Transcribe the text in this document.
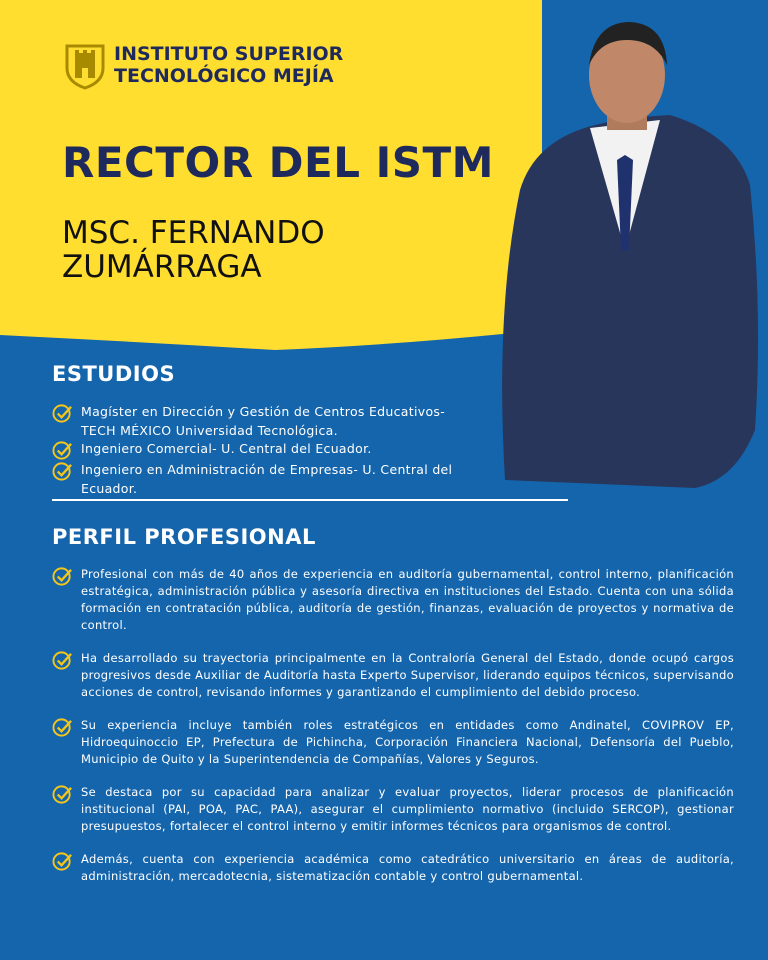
INSTITUTO SUPERIOR
TECNOLÓGICO MEJÍA
RECTOR DEL ISTM
MSC. FERNANDO ZUMÁRRAGA
ESTUDIOS
Magíster en Dirección y Gestión de Centros Educativos- TECH MÉXICO Universidad Tecnológica.
Ingeniero Comercial- U. Central del Ecuador.
Ingeniero en Administración de Empresas- U. Central del Ecuador.
PERFIL PROFESIONAL

Profesional con más de 40 años de experiencia en auditoría gubernamental, control interno, planificación estratégica, administración pública y asesoría directiva en instituciones del Estado. Cuenta con una sólida formación en contratación pública, auditoría de gestión, finanzas, evaluación de proyectos y normativa de control.

Ha desarrollado su trayectoria principalmente en la Contraloría General del Estado, donde ocupó cargos progresivos desde Auxiliar de Auditoría hasta Experto Supervisor, liderando equipos técnicos, supervisando acciones de control, revisando informes y garantizando el cumplimiento del debido proceso.

Su experiencia incluye también roles estratégicos en entidades como Andinatel, COVIPROV EP, Hidroequinoccio EP, Prefectura de Pichincha, Corporación Financiera Nacional, Defensoría del Pueblo, Municipio de Quito y la Superintendencia de Compañías, Valores y Seguros.

Se destaca por su capacidad para analizar y evaluar proyectos, liderar procesos de planificación institucional (PAI, POA, PAC, PAA), asegurar el cumplimiento normativo (incluido SERCOP), gestionar presupuestos, fortalecer el control interno y emitir informes técnicos para organismos de control.

Además, cuenta con experiencia académica como catedrático universitario en áreas de auditoría, administración, mercadotecnia, sistematización contable y control gubernamental.
